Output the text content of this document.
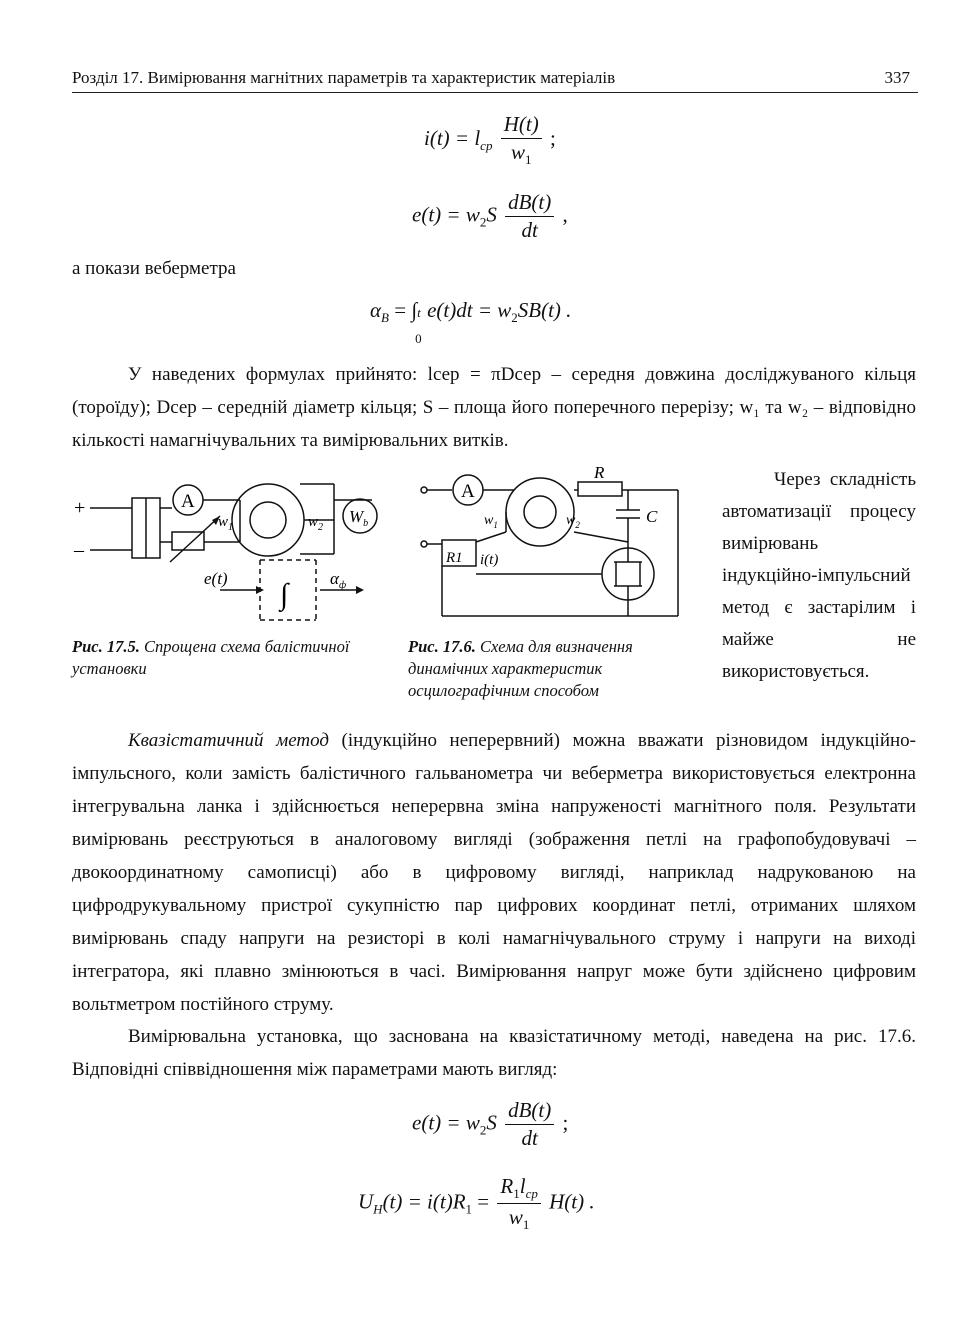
Розділ 17. Вимірювання магнітних параметрів та характеристик матеріалів	337
$i(t) = l_{ср} \frac{H(t)}{w_1}$ ;
$e(t) = w_2S \frac{dB(t)}{dt}$ ,
а покази веберметра
$\alpha_B$ = ∫ t
0
$e(t)dt = w_2SB(t)$ .
У наведених формулах прийнято: lсер = πDсер – середня довжина досліджуваного кільця (тороїду); Dсер – середній діаметр кільця; S – площа його поперечного перерізу; w₁ та w₂ – відповідно кількості намагнічувальних та вимірювальних витків.
+
–
A
$w_1$	$w_2$
$W_b$
e(t) ∫ $\alpha_ф$
Рис. 17.5. Спрощена схема балістичної установки
A
$w_1$	$w_2$
R
C
R1 i(t)
Рис. 17.6. Схема для визначення динамічних характеристик осцилографічним способом
Через складність автоматизації процесу вимірювань індукційно-імпульсний метод є застарілим і майже не використовується.
Квазістатичний метод (індукційно неперервний) можна вважати різновидом індукційно-імпульсного, коли замість балістичного гальванометра чи веберметра використовується електронна інтегрувальна ланка і здійснюється неперервна зміна напруженості магнітного поля. Результати вимірювань реєструються в аналоговому вигляді (зображення петлі на графопобудовувачі – двокоординатному самописці) або в цифровому вигляді, наприклад надрукованою на цифродрукувальному пристрої сукупністю пар цифрових координат петлі, отриманих шляхом вимірювань спаду напруги на резисторі в колі намагнічувального струму і напруги на виході інтегратора, які плавно змінюються в часі. Вимірювання напруг може бути здійснено цифровим вольтметром постійного струму.
Вимірювальна установка, що заснована на квазістатичному методі, наведена на рис. 17.6. Відповідні співвідношення між параметрами мають вигляд:
$e(t) = w_2S \frac{dB(t)}{dt}$ ;
$U_H(t) = i(t)R_1 = \frac{R_1l_{ср}}{w_1} H(t)$ .
